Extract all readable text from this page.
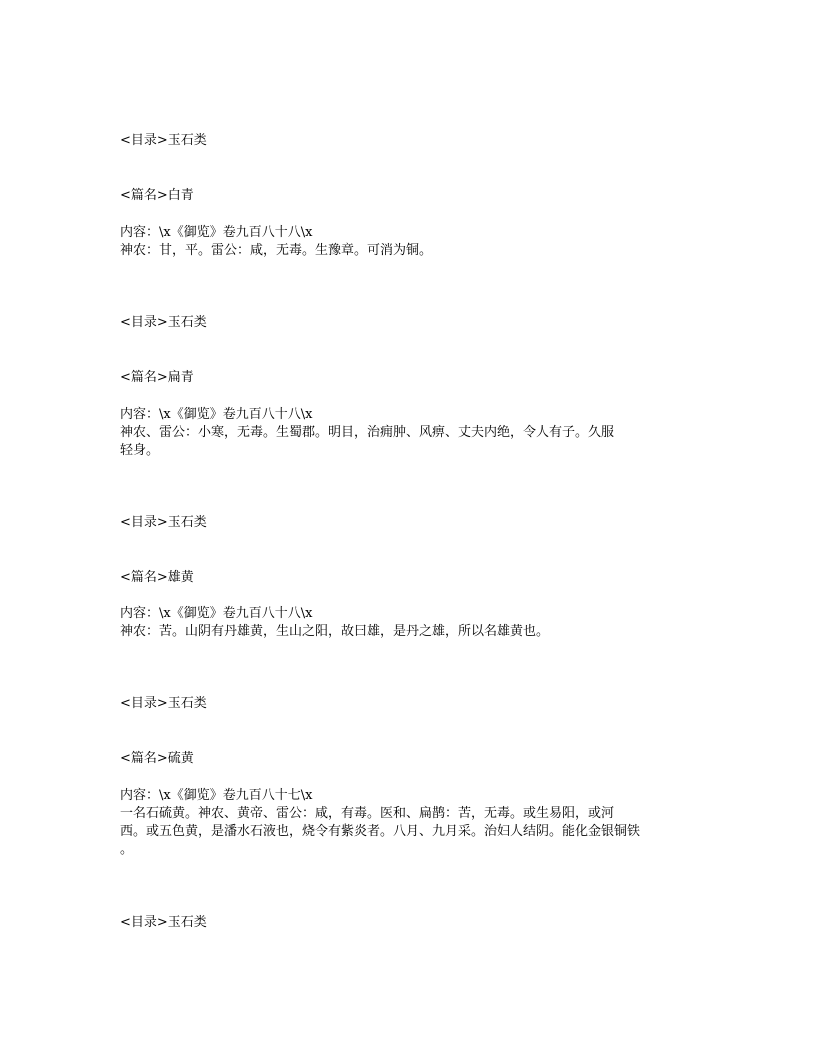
<目录>玉石类
<篇名>白青
内容：\x《御览》卷九百八十八\x
神农：甘，平。雷公：咸，无毒。生豫章。可消为铜。
<目录>玉石类
<篇名>扁青
内容：\x《御览》卷九百八十八\x
神农、雷公：小寒，无毒。生蜀郡。明目，治痈肿、风痹、丈夫内绝，令人有子。久服
轻身。
<目录>玉石类
<篇名>雄黄
内容：\x《御览》卷九百八十八\x
神农：苦。山阴有丹雄黄，生山之阳，故曰雄，是丹之雄，所以名雄黄也。
<目录>玉石类
<篇名>硫黄
内容：\x《御览》卷九百八十七\x
一名石硫黄。神农、黄帝、雷公：咸，有毒。医和、扁鹊：苦，无毒。或生易阳，或河
西。或五色黄，是潘水石液也，烧令有紫炎者。八月、九月采。治妇人结阴。能化金银铜铁
。
<目录>玉石类
